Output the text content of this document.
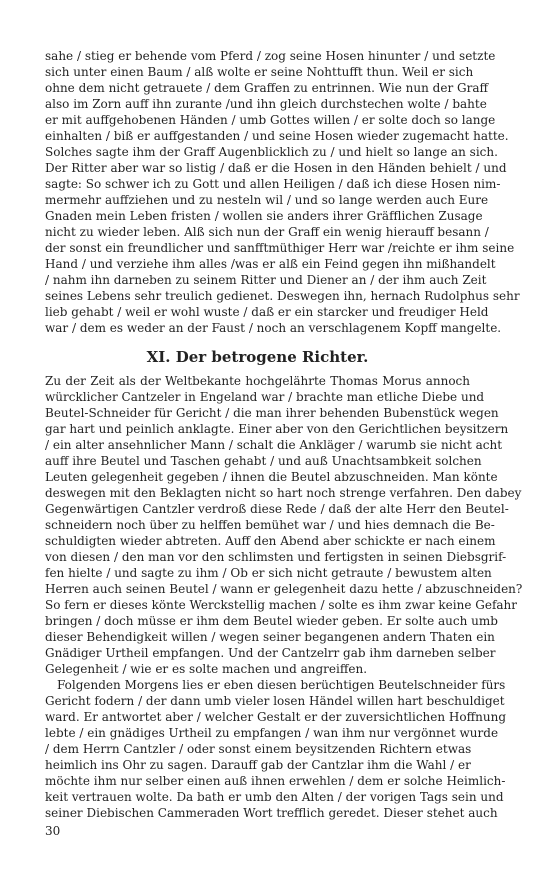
sahe / stieg er behende vom Pferd / zog seine Hosen hinunter / und setzte
sich unter einen Baum / alß wolte er seine Nohttufft thun. Weil er sich
ohne dem nicht getrauete / dem Graffen zu entrinnen. Wie nun der Graff
also im Zorn auff ihn zurante /und ihn gleich durchstechen wolte / bahte
er mit auffgehobenen Händen / umb Gottes willen / er solte doch so lange
einhalten / biß er auffgestanden / und seine Hosen wieder zugemacht hatte.
Solches sagte ihm der Graff Augenblicklich zu / und hielt so lange an sich.
Der Ritter aber war so listig / daß er die Hosen in den Händen behielt / und
sagte: So schwer ich zu Gott und allen Heiligen / daß ich diese Hosen nim-
mermehr auffziehen und zu nesteln wil / und so lange werden auch Eure
Gnaden mein Leben fristen / wollen sie anders ihrer Gräfflichen Zusage
nicht zu wieder leben. Alß sich nun der Graff ein wenig hierauff besann /
der sonst ein freundlicher und sanfftmüthiger Herr war /reichte er ihm seine
Hand / und verziehe ihm alles /was er alß ein Feind gegen ihn mißhandelt
/ nahm ihn darneben zu seinem Ritter und Diener an / der ihm auch Zeit
seines Lebens sehr treulich gedienet. Deswegen ihn, hernach Rudolphus sehr
lieb gehabt / weil er wohl wuste / daß er ein starcker und freudiger Held
war / dem es weder an der Faust / noch an verschlagenem Kopff mangelte.
XI. Der betrogene Richter.
Zu der Zeit als der Weltbekante hochgelährte Thomas Morus annoch
würcklicher Cantzeler in Engeland war / brachte man etliche Diebe und
Beutel-Schneider für Gericht / die man ihrer behenden Bubenstück wegen
gar hart und peinlich anklagte. Einer aber von den Gerichtlichen beysitzern
/ ein alter ansehnlicher Mann / schalt die Ankläger / warumb sie nicht acht
auff ihre Beutel und Taschen gehabt / und auß Unachtsambkeit solchen
Leuten gelegenheit gegeben / ihnen die Beutel abzuschneiden. Man könte
deswegen mit den Beklagten nicht so hart noch strenge verfahren. Den dabey
Gegenwärtigen Cantzler verdroß diese Rede / daß der alte Herr den Beutel-
schneidern noch über zu helffen bemühet war / und hies demnach die Be-
schuldigten wieder abtreten. Auff den Abend aber schickte er nach einem
von diesen / den man vor den schlimsten und fertigsten in seinen Diebsgrif-
fen hielte / und sagte zu ihm / Ob er sich nicht getraute / bewustem alten
Herren auch seinen Beutel / wann er gelegenheit dazu hette / abzuschneiden?
So fern er dieses könte Werckstellig machen / solte es ihm zwar keine Gefahr
bringen / doch müsse er ihm dem Beutel wieder geben. Er solte auch umb
dieser Behendigkeit willen / wegen seiner begangenen andern Thaten ein
Gnädiger Urtheil empfangen. Und der Cantzelrr gab ihm darneben selber
Gelegenheit / wie er es solte machen und angreiffen.
Folgenden Morgens lies er eben diesen berüchtigen Beutelschneider fürs
Gericht fodern / der dann umb vieler losen Händel willen hart beschuldiget
ward. Er antwortet aber / welcher Gestalt er der zuversichtlichen Hoffnung
lebte / ein gnädiges Urtheil zu empfangen / wan ihm nur vergönnet wurde
/ dem Herrn Cantzler / oder sonst einem beysitzenden Richtern etwas
heimlich ins Ohr zu sagen. Darauff gab der Cantzlar ihm die Wahl / er
möchte ihm nur selber einen auß ihnen erwehlen / dem er solche Heimlich-
keit vertrauen wolte. Da bath er umb den Alten / der vorigen Tags sein und
seiner Diebischen Cammeraden Wort trefflich geredet. Dieser stehet auch
30
